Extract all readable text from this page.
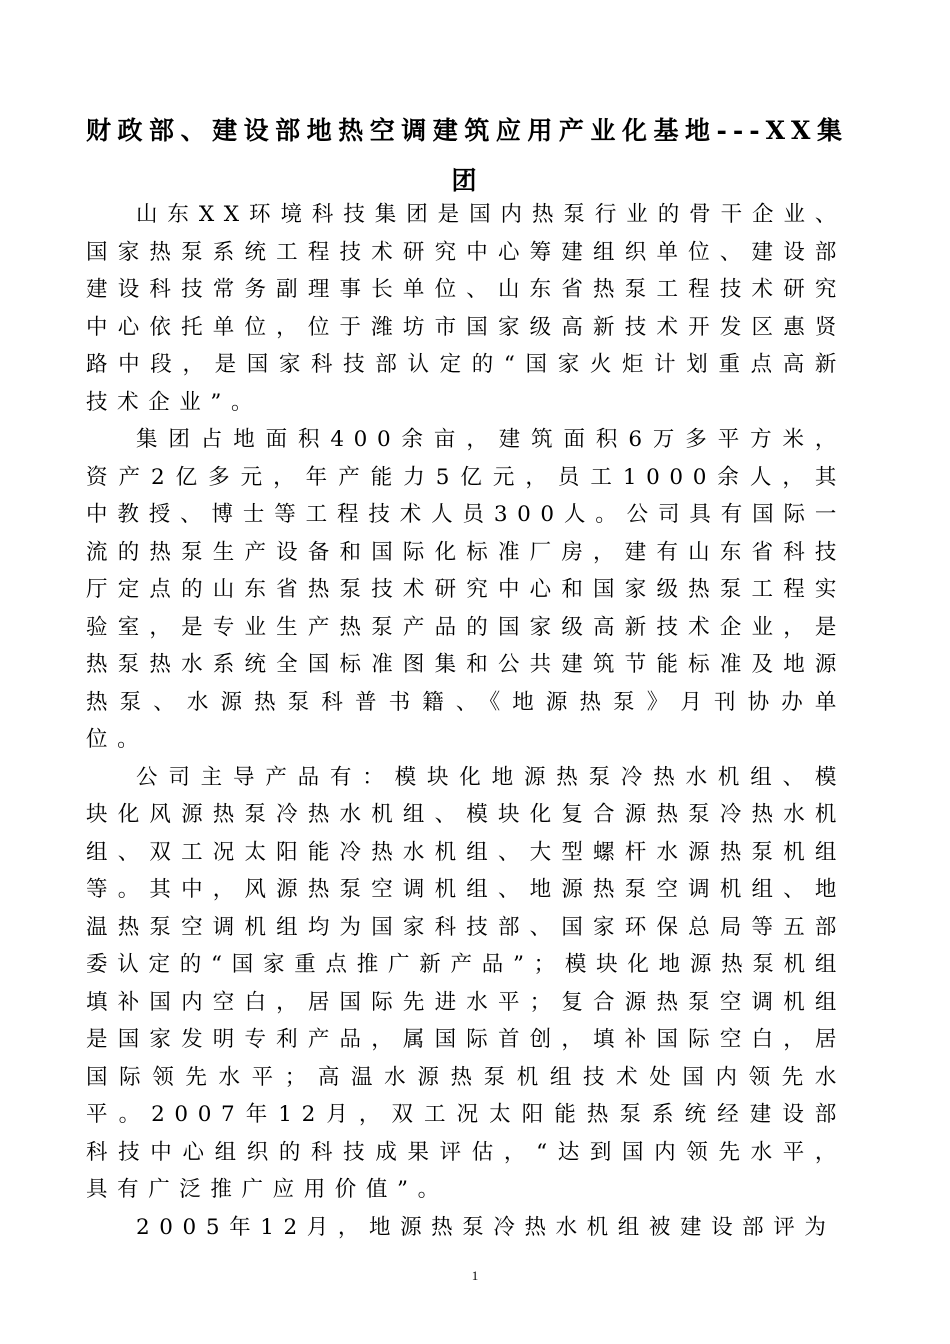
财政部、建设部地热空调建筑应用产业化基地---XX集团

山东XX环境科技集团是国内热泵行业的骨干企业、国家热泵系统工程技术研究中心筹建组织单位、建设部建设科技常务副理事长单位、山东省热泵工程技术研究中心依托单位，位于潍坊市国家级高新技术开发区惠贤路中段，是国家科技部认定的“国家火炬计划重点高新技术企业”。

集团占地面积400余亩，建筑面积6万多平方米，资产2亿多元，年产能力5亿元，员工1000余人，其中教授、博士等工程技术人员300人。公司具有国际一流的热泵生产设备和国际化标准厂房，建有山东省科技厅定点的山东省热泵技术研究中心和国家级热泵工程实验室，是专业生产热泵产品的国家级高新技术企业，是热泵热水系统全国标准图集和公共建筑节能标准及地源热泵、水源热泵科普书籍、《地源热泵》月刊协办单位。

公司主导产品有：模块化地源热泵冷热水机组、模块化风源热泵冷热水机组、模块化复合源热泵冷热水机组、双工况太阳能冷热水机组、大型螺杆水源热泵机组等。其中，风源热泵空调机组、地源热泵空调机组、地温热泵空调机组均为国家科技部、国家环保总局等五部委认定的“国家重点推广新产品”；模块化地源热泵机组填补国内空白，居国际先进水平；复合源热泵空调机组是国家发明专利产品，属国际首创，填补国际空白，居国际领先水平；高温水源热泵机组技术处国内领先水平。2007年12月，双工况太阳能热泵系统经建设部科技中心组织的科技成果评估，“达到国内领先水平，具有广泛推广应用价值”。

2005年12月，地源热泵冷热水机组被建设部评为

1
